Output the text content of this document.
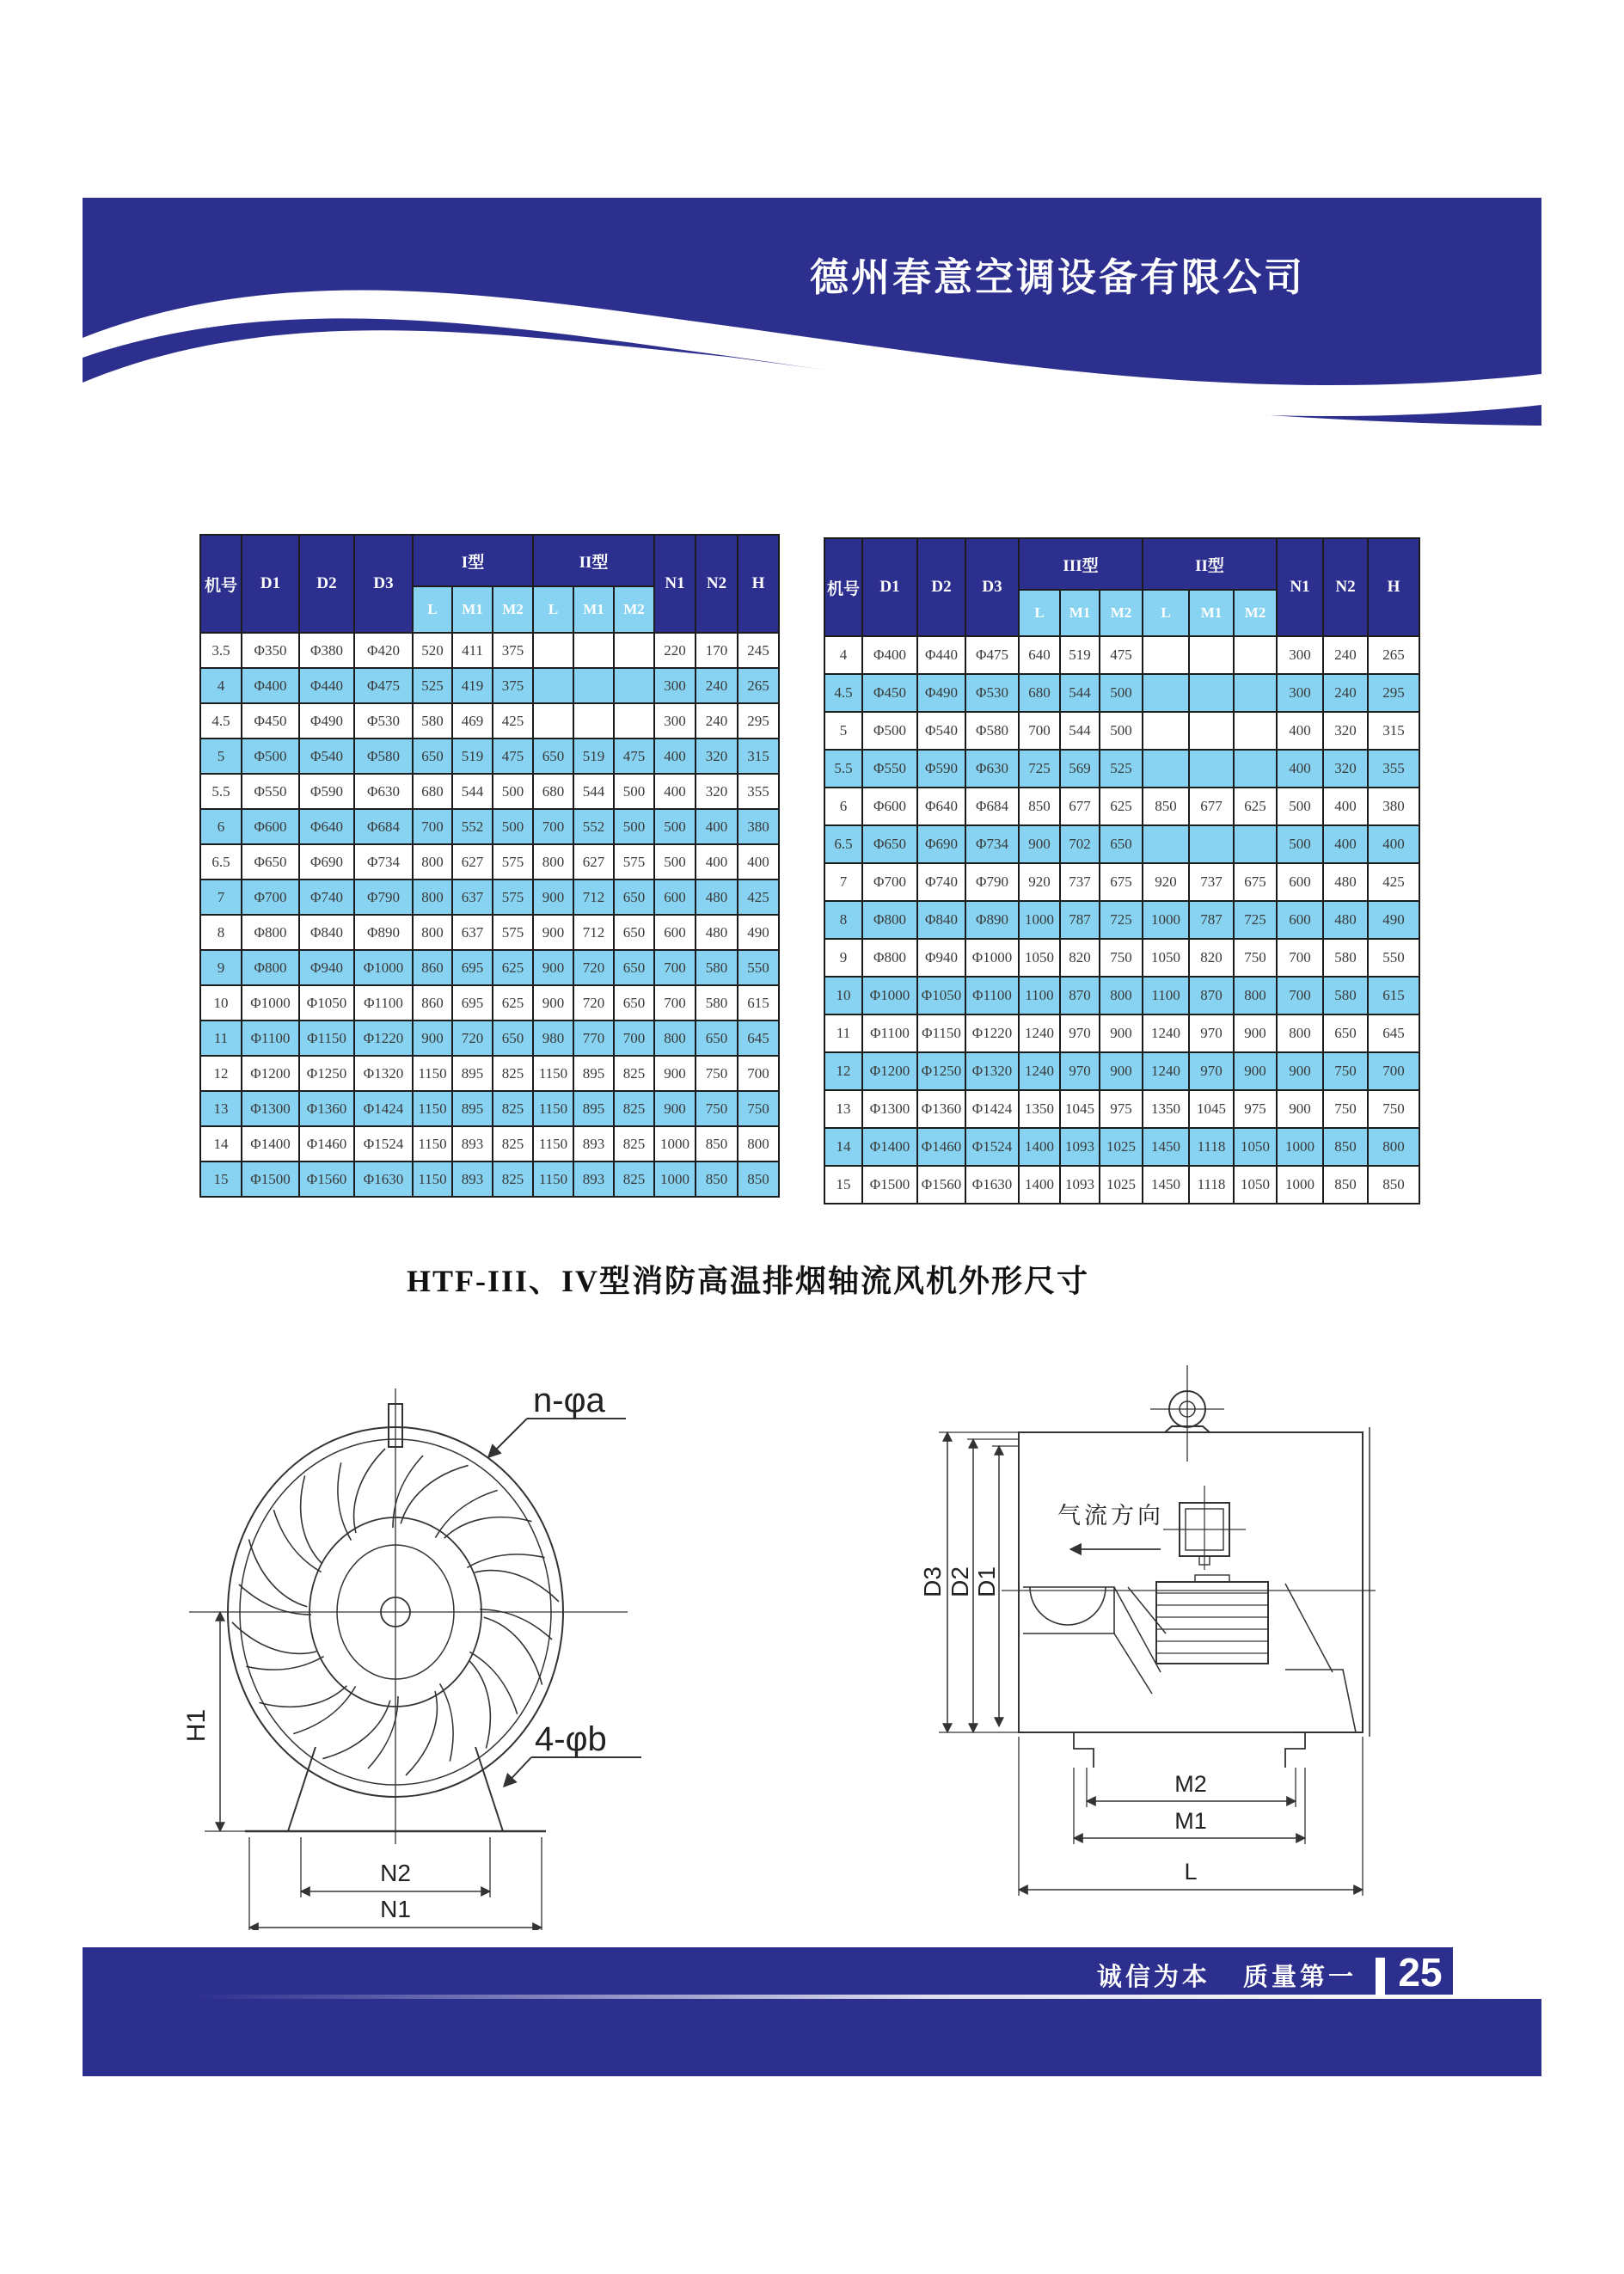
德州春意空调设备有限公司
机号	D1	D2	D3	I型			II型			N1	N2	H
				L	M1	M2	L	M1	M2			
3.5	Φ350	Φ380	Φ420	520	411	375				220	170	245
4	Φ400	Φ440	Φ475	525	419	375				300	240	265
4.5	Φ450	Φ490	Φ530	580	469	425				300	240	295
5	Φ500	Φ540	Φ580	650	519	475	650	519	475	400	320	315
5.5	Φ550	Φ590	Φ630	680	544	500	680	544	500	400	320	355
6	Φ600	Φ640	Φ684	700	552	500	700	552	500	500	400	380
6.5	Φ650	Φ690	Φ734	800	627	575	800	627	575	500	400	400
7	Φ700	Φ740	Φ790	800	637	575	900	712	650	600	480	425
8	Φ800	Φ840	Φ890	800	637	575	900	712	650	600	480	490
9	Φ800	Φ940	Φ1000	860	695	625	900	720	650	700	580	550
10	Φ1000	Φ1050	Φ1100	860	695	625	900	720	650	700	580	615
11	Φ1100	Φ1150	Φ1220	900	720	650	980	770	700	800	650	645
12	Φ1200	Φ1250	Φ1320	1150	895	825	1150	895	825	900	750	700
13	Φ1300	Φ1360	Φ1424	1150	895	825	1150	895	825	900	750	750
14	Φ1400	Φ1460	Φ1524	1150	893	825	1150	893	825	1000	850	800
15	Φ1500	Φ1560	Φ1630	1150	893	825	1150	893	825	1000	850	850
机号	D1	D2	D3	III型			II型			N1	N2	H
				L	M1	M2	L	M1	M2			
4	Φ400	Φ440	Φ475	640	519	475				300	240	265
4.5	Φ450	Φ490	Φ530	680	544	500				300	240	295
5	Φ500	Φ540	Φ580	700	544	500				400	320	315
5.5	Φ550	Φ590	Φ630	725	569	525				400	320	355
6	Φ600	Φ640	Φ684	850	677	625	850	677	625	500	400	380
6.5	Φ650	Φ690	Φ734	900	702	650				500	400	400
7	Φ700	Φ740	Φ790	920	737	675	920	737	675	600	480	425
8	Φ800	Φ840	Φ890	1000	787	725	1000	787	725	600	480	490
9	Φ800	Φ940	Φ1000	1050	820	750	1050	820	750	700	580	550
10	Φ1000	Φ1050	Φ1100	1100	870	800	1100	870	800	700	580	615
11	Φ1100	Φ1150	Φ1220	1240	970	900	1240	970	900	800	650	645
12	Φ1200	Φ1250	Φ1320	1240	970	900	1240	970	900	900	750	700
13	Φ1300	Φ1360	Φ1424	1350	1045	975	1350	1045	975	900	750	750
14	Φ1400	Φ1460	Φ1524	1400	1093	1025	1450	1118	1050	1000	850	800
15	Φ1500	Φ1560	Φ1630	1400	1093	1025	1450	1118	1050	1000	850	850
HTF-III、IV型消防高温排烟轴流风机外形尺寸
H1
N2
N1
n-φa
4-φb
气流方向
D3 D2 D1
M2
M1
L
诚信为本 质量第一 25
